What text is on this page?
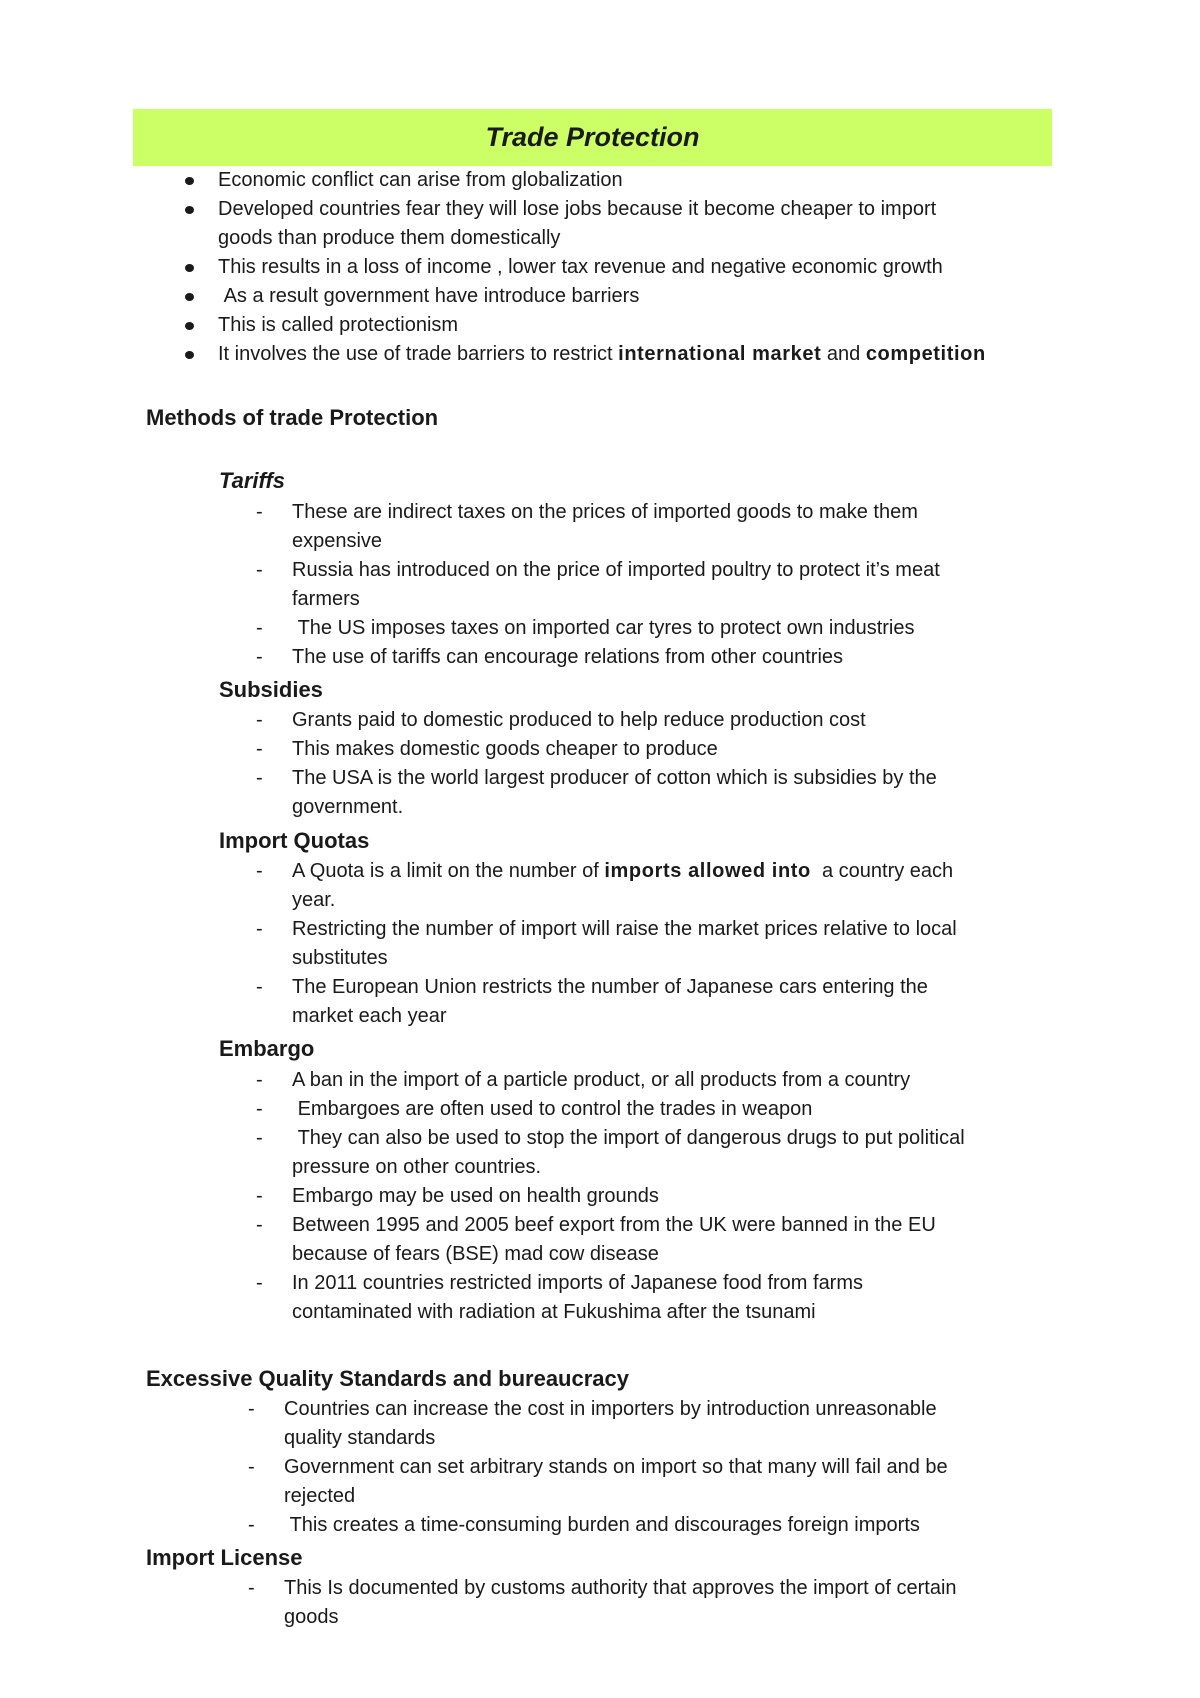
Trade Protection
Economic conflict can arise from globalization
Developed countries fear they will lose jobs because it become cheaper to import
goods than produce them domestically
This results in a loss of income , lower tax revenue and negative economic growth
As a result government have introduce barriers
This is called protectionism
It involves the use of trade barriers to restrict international market and competition
Methods of trade Protection
Tariffs
- These are indirect taxes on the prices of imported goods to make them
expensive
- Russia has introduced on the price of imported poultry to protect it’s meat
farmers
- The US imposes taxes on imported car tyres to protect own industries
- The use of tariffs can encourage relations from other countries
Subsidies
- Grants paid to domestic produced to help reduce production cost
- This makes domestic goods cheaper to produce
- The USA is the world largest producer of cotton which is subsidies by the
government.
Import Quotas
- A Quota is a limit on the number of imports allowed into  a country each
year.
- Restricting the number of import will raise the market prices relative to local
substitutes
- The European Union restricts the number of Japanese cars entering the
market each year
Embargo
- A ban in the import of a particle product, or all products from a country
- Embargoes are often used to control the trades in weapon
- They can also be used to stop the import of dangerous drugs to put political
pressure on other countries.
- Embargo may be used on health grounds
- Between 1995 and 2005 beef export from the UK were banned in the EU
because of fears (BSE) mad cow disease
- In 2011 countries restricted imports of Japanese food from farms
contaminated with radiation at Fukushima after the tsunami
Excessive Quality Standards and bureaucracy
- Countries can increase the cost in importers by introduction unreasonable
quality standards
- Government can set arbitrary stands on import so that many will fail and be
rejected
- This creates a time-consuming burden and discourages foreign imports
Import License
- This Is documented by customs authority that approves the import of certain
goods
